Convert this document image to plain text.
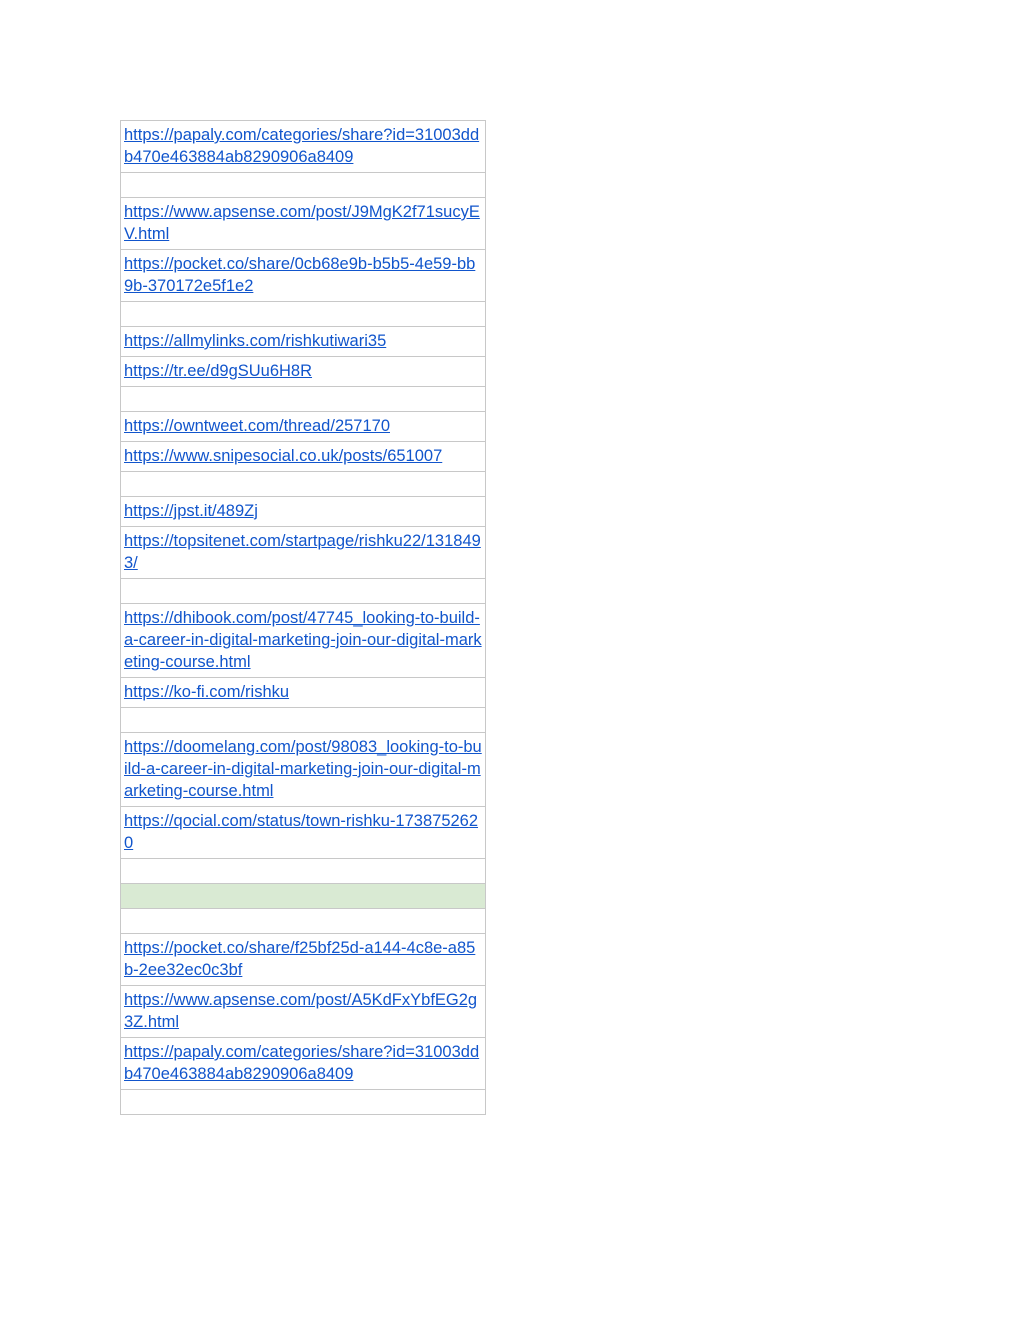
https://papaly.com/categories/share?id=31003ddb470e463884ab8290906a8409

https://www.apsense.com/post/J9MgK2f71sucyEV.html
https://pocket.co/share/0cb68e9b-b5b5-4e59-bb9b-370172e5f1e2

https://allmylinks.com/rishkutiwari35
https://tr.ee/d9gSUu6H8R

https://owntweet.com/thread/257170
https://www.snipesocial.co.uk/posts/651007

https://jpst.it/489Zj
https://topsitenet.com/startpage/rishku22/1318493/

https://dhibook.com/post/47745_looking-to-build-a-career-in-digital-marketing-join-our-digital-marketing-course.html
https://ko-fi.com/rishku

https://doomelang.com/post/98083_looking-to-build-a-career-in-digital-marketing-join-our-digital-marketing-course.html
https://qocial.com/status/town-rishku-1738752620

https://pocket.co/share/f25bf25d-a144-4c8e-a85b-2ee32ec0c3bf
https://www.apsense.com/post/A5KdFxYbfEG2g3Z.html
https://papaly.com/categories/share?id=31003ddb470e463884ab8290906a8409
